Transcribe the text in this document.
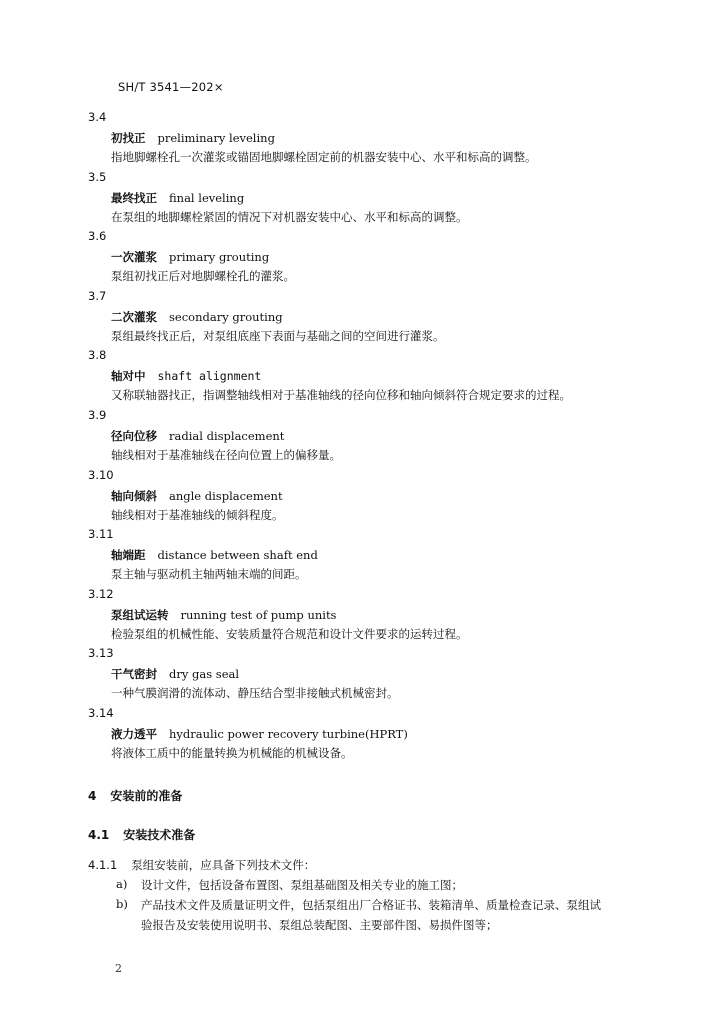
SH/T 3541—202×
3.4
初找正 preliminary leveling
指地脚螺栓孔一次灌浆或锚固地脚螺栓固定前的机器安装中心、水平和标高的调整。
3.5
最终找正 final leveling
在泵组的地脚螺栓紧固的情况下对机器安装中心、水平和标高的调整。
3.6
一次灌浆 primary grouting
泵组初找正后对地脚螺栓孔的灌浆。
3.7
二次灌浆 secondary grouting
泵组最终找正后，对泵组底座下表面与基础之间的空间进行灌浆。
3.8
轴对中 shaft alignment
又称联轴器找正，指调整轴线相对于基准轴线的径向位移和轴向倾斜符合规定要求的过程。
3.9
径向位移 radial displacement
轴线相对于基准轴线在径向位置上的偏移量。
3.10
轴向倾斜 angle displacement
轴线相对于基准轴线的倾斜程度。
3.11
轴端距 distance between shaft end
泵主轴与驱动机主轴两轴末端的间距。
3.12
泵组试运转 running test of pump units
检验泵组的机械性能、安装质量符合规范和设计文件要求的运转过程。
3.13
干气密封 dry gas seal
一种气膜润滑的流体动、静压结合型非接触式机械密封。
3.14
液力透平 hydraulic power recovery turbine(HPRT)
将液体工质中的能量转换为机械能的机械设备。
4 安装前的准备
4.1 安装技术准备
4.1.1 泵组安装前，应具备下列技术文件：
a) 设计文件，包括设备布置图、泵组基础图及相关专业的施工图；
b) 产品技术文件及质量证明文件，包括泵组出厂合格证书、装箱清单、质量检查记录、泵组试
验报告及安装使用说明书、泵组总装配图、主要部件图、易损件图等；
2
